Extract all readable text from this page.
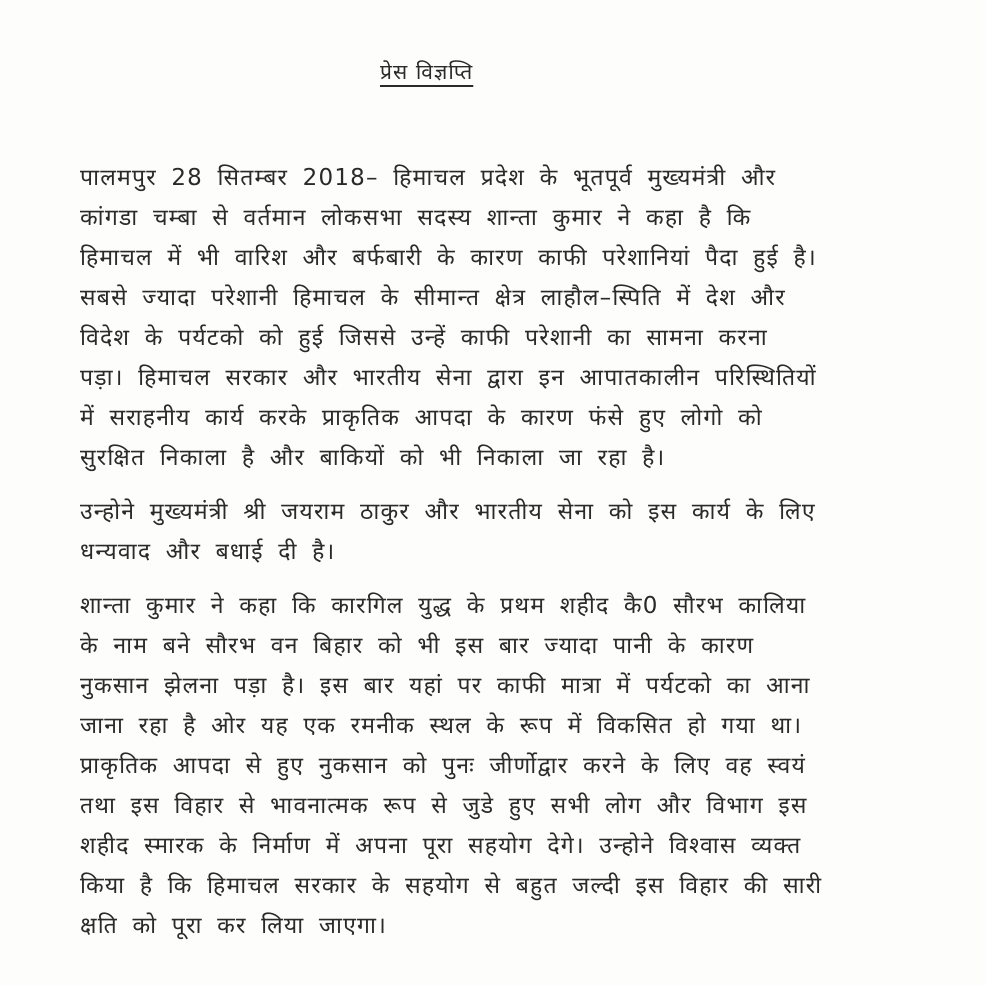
प्रेस विज्ञप्ति
पालमपुर 28 सितम्बर 2018– हिमाचल प्रदेश के भूतपूर्व मुख्यमंत्री और
कांगडा चम्बा से वर्तमान लोकसभा सदस्य शान्ता कुमार ने कहा है कि
हिमाचल में भी वारिश और बर्फबारी के कारण काफी परेशानियां पैदा हुई है।
सबसे ज्यादा परेशानी हिमाचल के सीमान्त क्षेत्र लाहौल–स्पिति में देश और
विदेश के पर्यटको को हुई जिससे उन्हें काफी परेशानी का सामना करना
पड़ा। हिमाचल सरकार और भारतीय सेना द्वारा इन आपातकालीन परिस्थितियों
में सराहनीय कार्य करके प्राकृतिक आपदा के कारण फंसे हुए लोगो को
सुरक्षित निकाला है और बाकियों को भी निकाला जा रहा है।
उन्होने मुख्यमंत्री श्री जयराम ठाकुर और भारतीय सेना को इस कार्य के लिए
धन्यवाद और बधाई दी है।
शान्ता कुमार ने कहा कि कारगिल युद्ध के प्रथम शहीद कै0 सौरभ कालिया
के नाम बने सौरभ वन बिहार को भी इस बार ज्यादा पानी के कारण
नुकसान झेलना पड़ा है। इस बार यहां पर काफी मात्रा में पर्यटको का आना
जाना रहा है ओर यह एक रमनीक स्थल के रूप में विकसित हो गया था।
प्राकृतिक आपदा से हुए नुकसान को पुनः जीर्णोद्वार करने के लिए वह स्वयं
तथा इस विहार से भावनात्मक रूप से जुडे हुए सभी लोग और विभाग इस
शहीद स्मारक के निर्माण में अपना पूरा सहयोग देगे। उन्होने विश्वास व्यक्त
किया है कि हिमाचल सरकार के सहयोग से बहुत जल्दी इस विहार की सारी
क्षति को पूरा कर लिया जाएगा।
